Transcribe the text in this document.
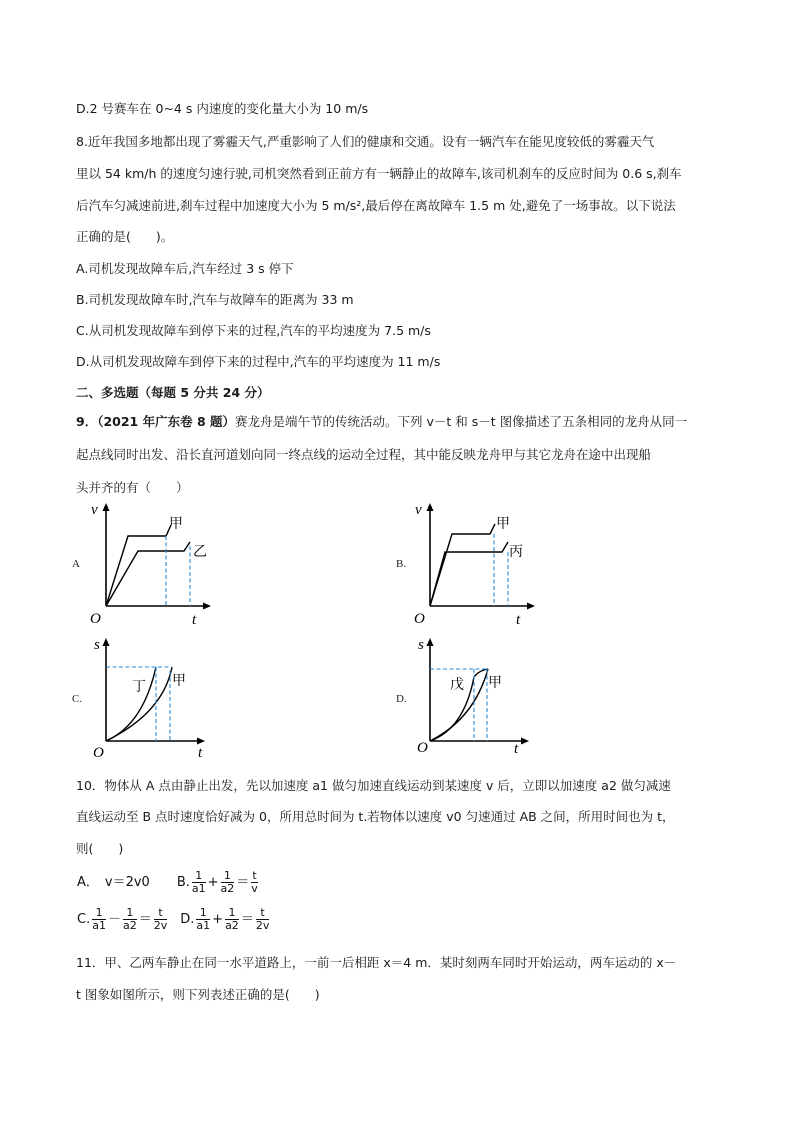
D.2 号赛车在 0~4 s 内速度的变化量大小为 10 m/s
8.近年我国多地都出现了雾霾天气,严重影响了人们的健康和交通。设有一辆汽车在能见度较低的雾霾天气
里以 54 km/h 的速度匀速行驶,司机突然看到正前方有一辆静止的故障车,该司机刹车的反应时间为 0.6 s,刹车
后汽车匀减速前进,刹车过程中加速度大小为 5 m/s²,最后停在离故障车 1.5 m 处,避免了一场事故。以下说法
正确的是(　　)。
A.司机发现故障车后,汽车经过 3 s 停下
B.司机发现故障车时,汽车与故障车的距离为 33 m
C.从司机发现故障车到停下来的过程,汽车的平均速度为 7.5 m/s
D.从司机发现故障车到停下来的过程中,汽车的平均速度为 11 m/s
二、多选题（每题 5 分共 24 分）
9．（2021 年广东卷 8 题）赛龙舟是端午节的传统活动。下列 v－t 和 s－t 图像描述了五条相同的龙舟从同一
起点线同时出发、沿长直河道划向同一终点线的运动全过程，其中能反映龙舟甲与其它龙舟在途中出现船
头并齐的有（　　）
A
v
t
O
甲
乙
B.
v
t
O
甲
丙
C.
s
t
O
丁 甲
D.
s
t
O
戊 甲
10．物体从 A 点由静止出发，先以加速度 a1 做匀加速直线运动到某速度 v 后，立即以加速度 a2 做匀减速
直线运动至 B 点时速度恰好减为 0，所用总时间为 t.若物体以速度 v0 匀速通过 AB 之间，所用时间也为 t，
则(　　)
A． v＝2v0 B. $\frac{1}{a1} + \frac{1}{a2} = \frac{t}{v}$
C. $\frac{1}{a1} - \frac{1}{a2} = \frac{t}{2v} D$. $\frac{1}{a1} + \frac{1}{a2} = \frac{t}{2v}$
11．甲、乙两车静止在同一水平道路上，一前一后相距 x＝4 m．某时刻两车同时开始运动，两车运动的 x－
t 图象如图所示，则下列表述正确的是(　　)
